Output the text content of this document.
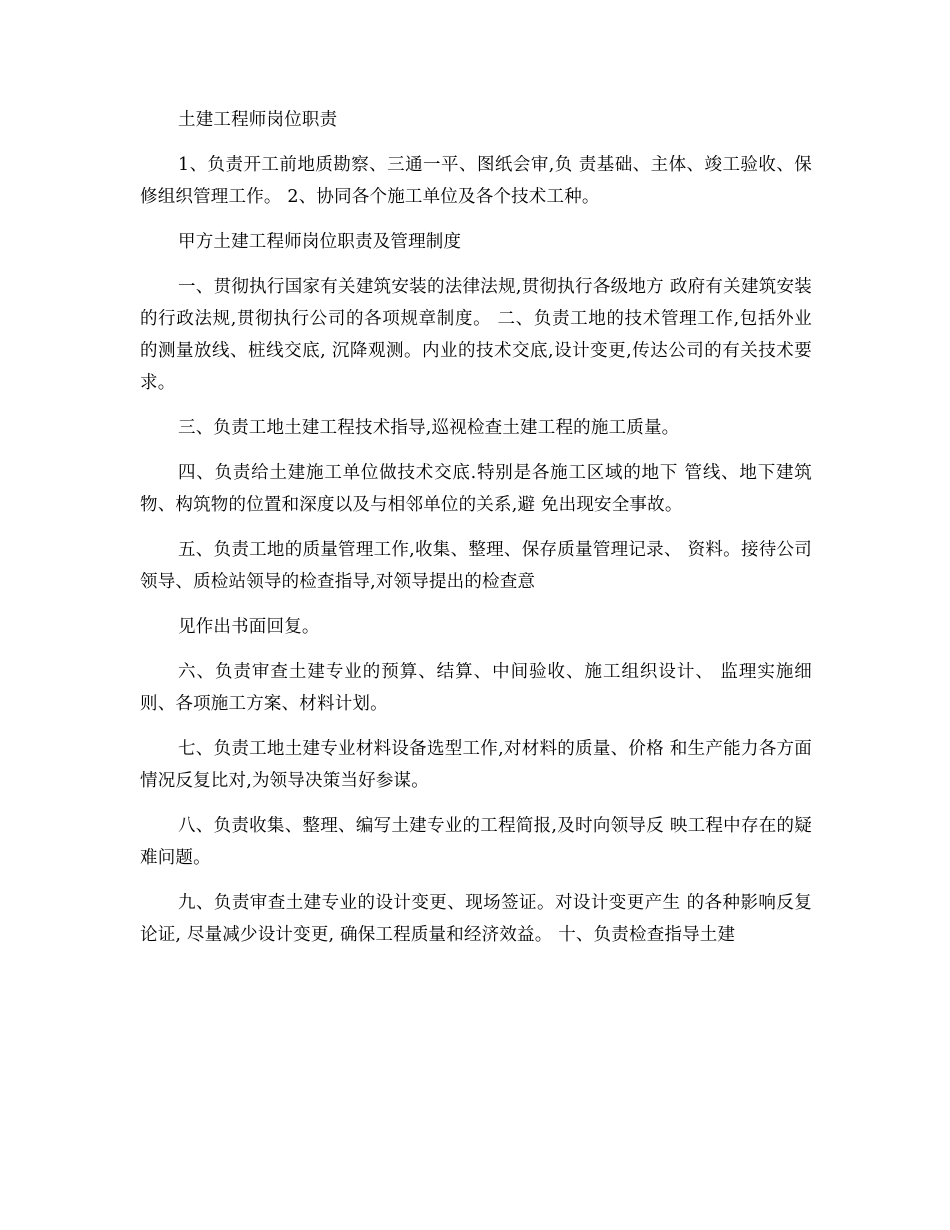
土建工程师岗位职责

1、负责开工前地质勘察、三通一平、图纸会审,负 责基础、主体、竣工验收、保修组织管理工作。 2、协同各个施工单位及各个技术工种。

甲方土建工程师岗位职责及管理制度

一、贯彻执行国家有关建筑安装的法律法规,贯彻执行各级地方 政府有关建筑安装的行政法规,贯彻执行公司的各项规章制度。 二、负责工地的技术管理工作,包括外业的测量放线、桩线交底, 沉降观测。内业的技术交底,设计变更,传达公司的有关技术要求。

三、负责工地土建工程技术指导,巡视检查土建工程的施工质量。

四、负责给土建施工单位做技术交底.特别是各施工区域的地下 管线、地下建筑物、构筑物的位置和深度以及与相邻单位的关系,避 免出现安全事故。

五、负责工地的质量管理工作,收集、整理、保存质量管理记录、 资料。接待公司领导、质检站领导的检查指导,对领导提出的检查意

见作出书面回复。

六、负责审查土建专业的预算、结算、中间验收、施工组织设计、 监理实施细则、各项施工方案、材料计划。

七、负责工地土建专业材料设备选型工作,对材料的质量、价格 和生产能力各方面情况反复比对,为领导决策当好参谋。

八、负责收集、整理、编写土建专业的工程简报,及时向领导反 映工程中存在的疑难问题。

九、负责审查土建专业的设计变更、现场签证。对设计变更产生 的各种影响反复论证, 尽量减少设计变更, 确保工程质量和经济效益。 十、负责检查指导土建
